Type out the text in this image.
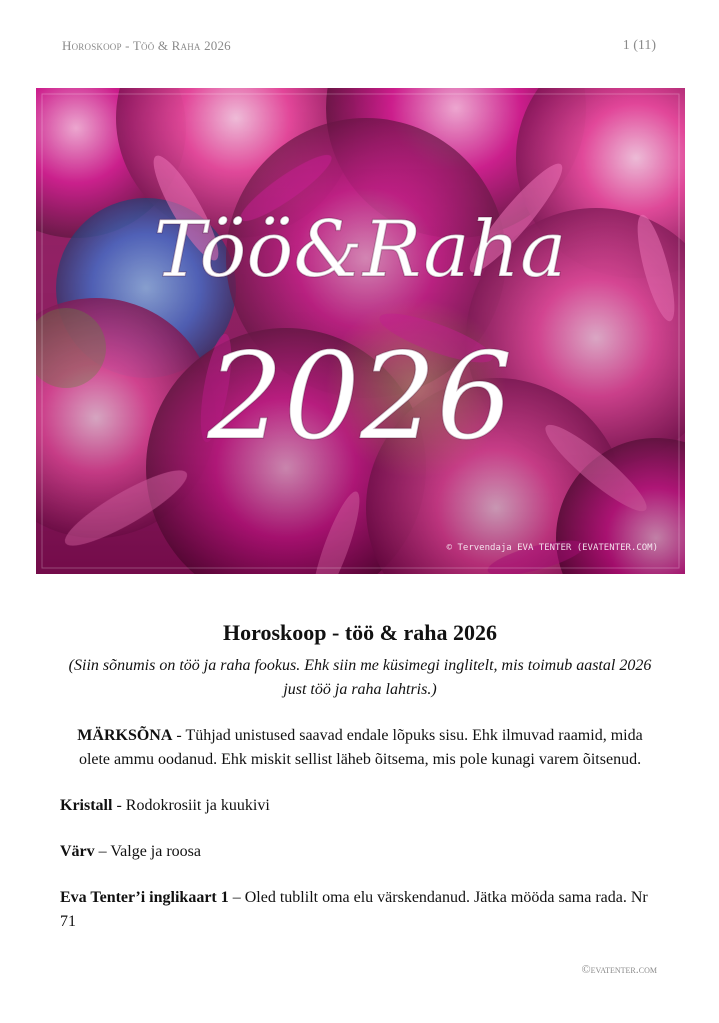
Horoskoop - Töö & Raha 2026	1 (11)
Töö&Raha
2026
© Tervendaja EVA TENTER (EVATENTER.COM)
Horoskoop - töö & raha 2026

(Siin sõnumis on töö ja raha fookus. Ehk siin me küsimegi inglitelt, mis toimub aastal 2026 just töö ja raha lahtris.)

MÄRKSÕNA - Tühjad unistused saavad endale lõpuks sisu. Ehk ilmuvad raamid, mida olete ammu oodanud. Ehk miskit sellist läheb õitsema, mis pole kunagi varem õitsenud.

Kristall - Rodokrosiit ja kuukivi

Värv – Valge ja roosa

Eva Tenter’i inglikaart 1 – Oled tublilt oma elu värskendanud. Jätka mööda sama rada. Nr 71

©evatenter.com
